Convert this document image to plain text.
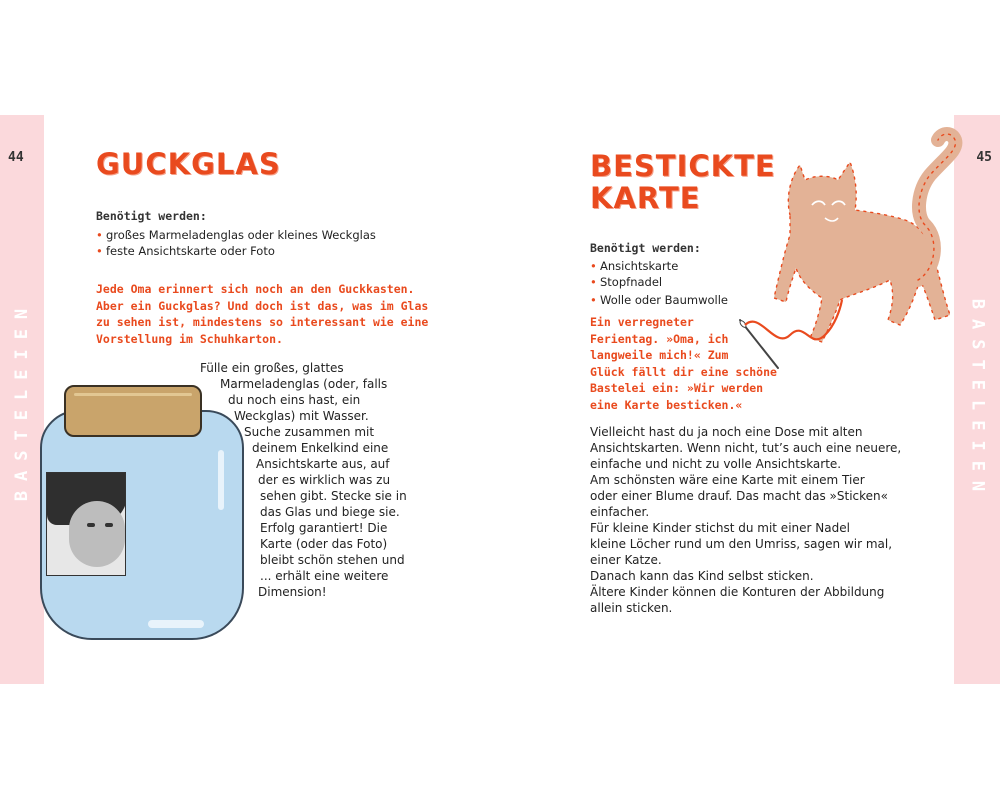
44	45
BASTELEIEN	BASTELEIEN
GUCKGLAS
Benötigt werden:
• großes Marmeladenglas oder kleines Weckglas
• feste Ansichtskarte oder Foto

Jede Oma erinnert sich noch an den Guckkasten.
Aber ein Guckglas? Und doch ist das, was im Glas
zu sehen ist, mindestens so interessant wie eine
Vorstellung im Schuhkarton.

Fülle ein großes, glattes
Marmeladenglas (oder, falls
du noch eins hast, ein
Weckglas) mit Wasser.
Suche zusammen mit
deinem Enkelkind eine
Ansichtskarte aus, auf
der es wirklich was zu
sehen gibt. Stecke sie in
das Glas und biege sie.
Erfolg garantiert! Die
Karte (oder das Foto)
bleibt schön stehen und
... erhält eine weitere
Dimension!

BESTICKTE
KARTE
Benötigt werden:
• Ansichtskarte
• Stopfnadel
• Wolle oder Baumwolle

Ein verregneter
Ferientag. »Oma, ich
langweile mich!« Zum
Glück fällt dir eine schöne
Bastelei ein: »Wir werden
eine Karte besticken.«

Vielleicht hast du ja noch eine Dose mit alten
Ansichtskarten. Wenn nicht, tut’s auch eine neuere,
einfache und nicht zu volle Ansichtskarte.
Am schönsten wäre eine Karte mit einem Tier
oder einer Blume drauf. Das macht das »Sticken«
einfacher.
Für kleine Kinder stichst du mit einer Nadel
kleine Löcher rund um den Umriss, sagen wir mal,
einer Katze.
Danach kann das Kind selbst sticken.
Ältere Kinder können die Konturen der Abbildung
allein sticken.
